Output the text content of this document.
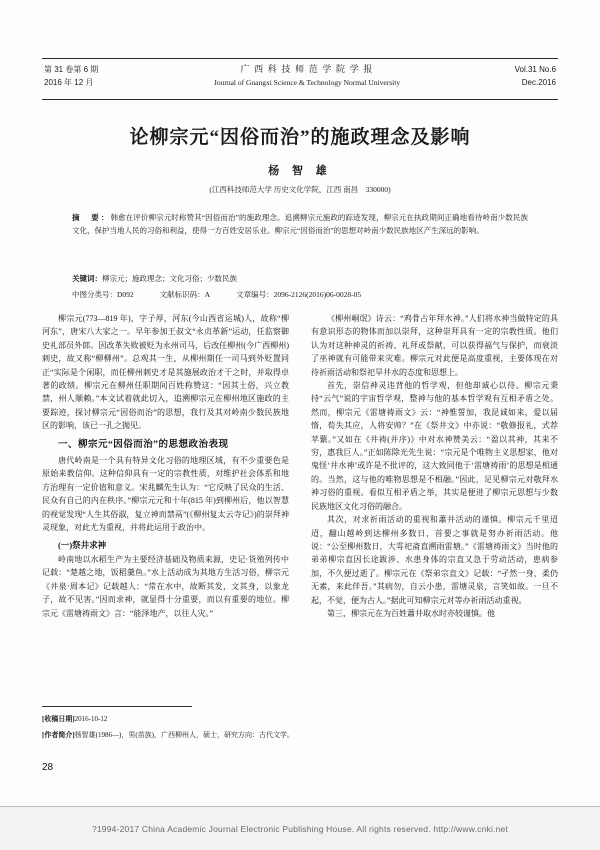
第 31 卷第 6 期
2016 年 12 月
广 西 科 技 师 范 学 院 学 报
Journal of Guangxi Science & Technology Normal University
Vol.31 No.6
Dec.2016
论柳宗元“因俗而治”的施政理念及影响
杨 智 雄
(江西科技师范大学 历史文化学院，江西 南昌　330000)
摘　要：韩愈在评价柳宗元时称赞其“因俗而治”的施政理念。追溯柳宗元施政的踪迹发现，柳宗元在执政期间正确地看待岭南少数民族文化，保护当地人民的习俗和利益，使得一方百姓安居乐业。柳宗元“因俗而治”的思想对岭南少数民族地区产生深远的影响。
关键词：柳宗元；施政理念；文化习俗；少数民族
中图分类号：D092	文献标识码：A	文章编号：2096-2126(2016)06-0028-05

柳宗元(773—819 年)，字子厚，河东(今山西省运城)人，故称“柳河东”，唐宋八大家之一。早年参加王叔文“永贞革新”运动，任监察御史礼部员外郎。因改革失败被贬为永州司马，后改任柳州(今广西柳州)刺史，故又称“柳柳州”。总观其一生，从柳州期任一司马到外贬置同正“实际是个闲职，而任柳州刺史才是其施展政治才干之时，并取得卓著的政绩。柳宗元在柳州任职期间百姓称赞这：“因其土俗，兴立教禁，州人顺赖。”本文试着就此切入，追溯柳宗元在柳州地区施政的主要踪迹，探讨柳宗元“因俗而治”的思想，我行及其对岭南少数民族地区的影响，该已一孔之抛见。

一、柳宗元“因俗而治”的思想政治表现

唐代岭南是一个具有特异文化习俗的地理区域，有不少重要色是原始来教信仰。这种信仰具有一定的宗教性质，对维护社会体系和地方治理有一定价值和意义。宋兆麟先生认为：“它反映了民众的生活、民众有自己的内在秩序。”柳宗元元和十年(815 年)到柳州后，他以智慧的视觉发现“人生其俗淑，复立神而禁鬲”(《柳州复太云寺记》)的崇拜神灵现象，对此尤为重视，并将此运用于政治中。

(一)祭井求神

岭南地以水稻生产为主要经济基础及物质来源，史记·货殖列传中记载：“楚越之地，饭稻羹鱼。”水上活动成为其地方生活习俗，柳宗元《井泉·周本记》记载越人：“常在水中，故断其发，文其身，以象龙子，故不见害。”因而求神，就显得十分重要，而以有重要的地位。柳宗元《雷塘祷雨文》言：“能泽地产，以往人灾。”

《柳州峒氓》诗云：“鸡骨占年拜水神。”人们将水神当做特定的具有意识形态的物体而加以崇拜，这种崇拜具有一定的宗教性质。他们认为对这种神灵的祈祷、礼拜或祭献，可以获得福气与保护，而衰淡了巫神就有可能带来灾难。柳宗元对此便是高度重视，主要体现在对待祈雨活动和祭祀旱井水的态度和思想上。

首先，崇信神灵违背他的哲学观，但他却诚心以待。柳宗元秉持“云气”说的宇宙哲学观，整神与他的基本哲学观有互相矛盾之处。然而，柳宗元《雷塘祷雨文》云：“神惟誓加，我昆诚如来，爱以届惰，荀失其应，人将安帅？”在《祭井文》中亦说：“敬修报礼，式荐苹蘩。”又如在《井祷(并序)》中对水神赞美云：“盈以其神，其来不穷，惠我巨人。”正如陈除光先生说：“宗元是个唯物主义思想家，他对鬼怪‘井水神’或许是不批评的，这大致同他于‘雷塘祷雨’的思想是相通的。当然，这与他的唯物思想是不相融。”因此，足见柳宗元对敬拜水神习俗的重视。看似互相矛盾之举，其实是便进了柳宗元思想与少数民族地区文化习俗的融合。

其次，对求祈雨活动的重视和蕭井活动的谨慎。柳宗元千里迢迢，翻山越岭到达柳州多数日，首要之事就是努办祈雨活动。他说：“公至柳州数日，大雩祀斋直溯雨雷塘。”《雷塘祷雨文》当时他的弟弟柳宗直因长途跋涉、水患身体的宗直又急于劳动活动，患病参加，不久便过逝了。柳宗元在《祭弟宗直文》记载：“孑然一身，柔仍无素，来此伴吾。”其病勿，自云小患，雷塘灵泉，言笑如故。一旦不起，不觉，便为古人。”据此可知柳宗元对等办祈雨活动重视。

第三，柳宗元在为百姓蕭井取水时亦较谨慎。他

[收稿日期]2016-10-12
[作者简介]杨智雄(1986—)，男(苗族)，广西柳州人，硕士，研究方向：古代文学。
28
?1994-2017 China Academic Journal Electronic Publishing House. All rights reserved. http://www.cnki.net
